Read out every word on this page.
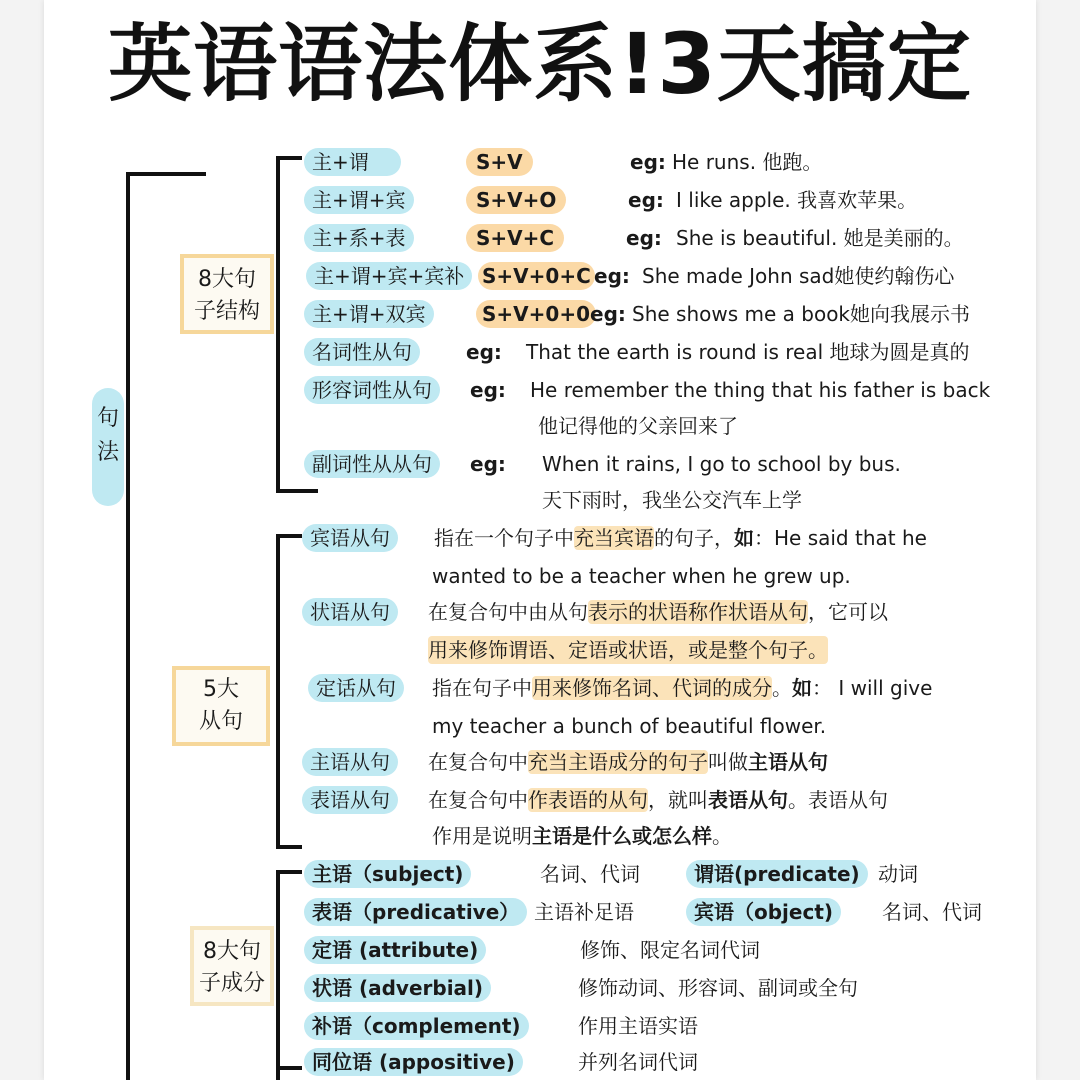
英语语法体系!3天搞定
句
法
8大句
子结构
5大
从句
8大句
子成分
主+谓	S+V	eg: He runs. 他跑。
主+谓+宾	S+V+O	eg: I like apple. 我喜欢苹果。
主+系+表	S+V+C	eg: She is beautiful. 她是美丽的。
主+谓+宾+宾补 S+V+0+C eg: She made John sad她使约翰伤心
主+谓+双宾	S+V+0+0 eg: She shows me a book她向我展示书
名词性从句	eg: That the earth is round is real 地球为圆是真的
形容词性从句	eg: He remember the thing that his father is back
他记得他的父亲回来了
副词性从从句	eg: When it rains, I go to school by bus.
天下雨时，我坐公交汽车上学
宾语从句	指在一个句子中充当宾语的句子，如：He said that he
wanted to be a teacher when he grew up.
状语从句	在复合句中由从句表示的状语称作状语从句，它可以
用来修饰谓语、定语或状语，或是整个句子。
定话从句	指在句子中用来修饰名词、代词的成分。如： I will give
my teacher a bunch of beautiful flower.
主语从句	在复合句中充当主语成分的句子叫做主语从句
表语从句	在复合句中作表语的从句，就叫表语从句。表语从句
作用是说明主语是什么或怎么样。
主语（subject)	名词、代词	谓语(predicate) 动词
表语（predicative） 主语补足语	宾语（object)	名词、代词
定语 (attribute)	修饰、限定名词代词
状语 (adverbial)	修饰动词、形容词、副词或全句
补语（complement)	作用主语实语
同位语 (appositive)	并列名词代词
